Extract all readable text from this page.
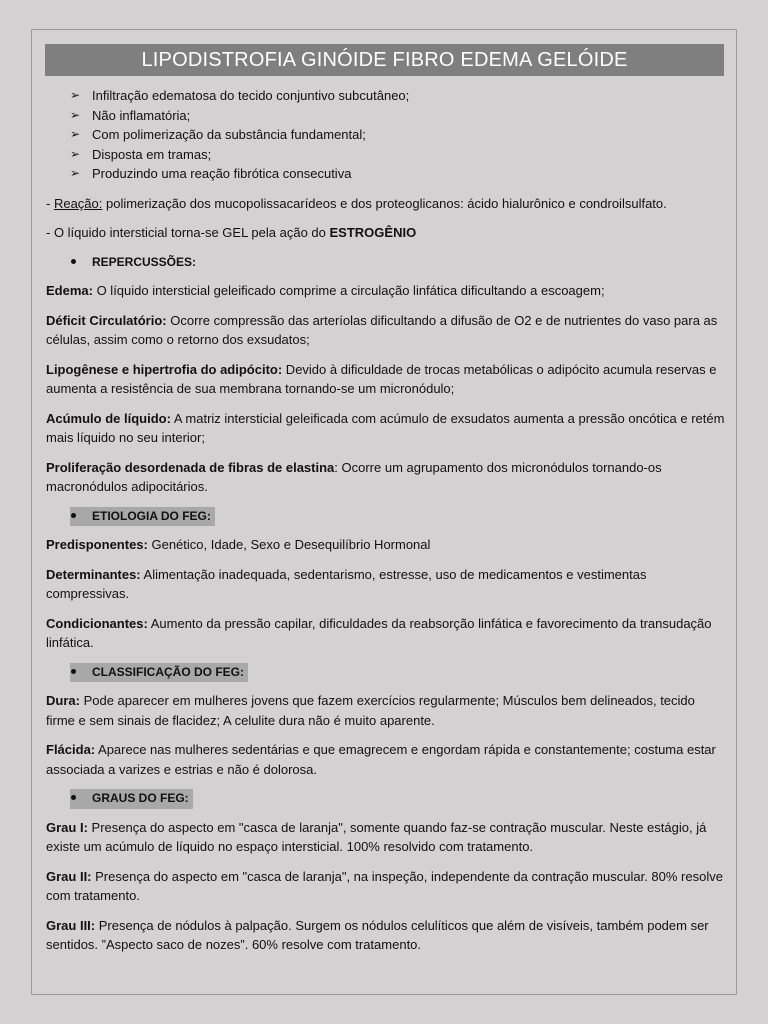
LIPODISTROFIA GINÓIDE FIBRO EDEMA GELÓIDE
➢ Infiltração edematosa do tecido conjuntivo subcutâneo;
➢ Não inflamatória;
➢ Com polimerização da substância fundamental;
➢ Disposta em tramas;
➢ Produzindo uma reação fibrótica consecutiva

- Reação: polimerização dos mucopolissacarídeos e dos proteoglicanos: ácido hialurônico e condroilsulfato.

- O líquido intersticial torna-se GEL pela ação do ESTROGÊNIO

REPERCUSSÕES:

Edema: O líquido intersticial geleificado comprime a circulação linfática dificultando a escoagem;

Déficit Circulatório: Ocorre compressão das arteríolas dificultando a difusão de O2 e de nutrientes do vaso para as células, assim como o retorno dos exsudatos;

Lipogênese e hipertrofia do adipócito: Devido à dificuldade de trocas metabólicas o adipócito acumula reservas e aumenta a resistência de sua membrana tornando-se um micronódulo;

Acúmulo de líquido: A matriz intersticial geleificada com acúmulo de exsudatos aumenta a pressão oncótica e retém mais líquido no seu interior;

Proliferação desordenada de fibras de elastina: Ocorre um agrupamento dos micronódulos tornando-os macronódulos adipocitários.

ETIOLOGIA DO FEG:

Predisponentes: Genético, Idade, Sexo e Desequilíbrio Hormonal

Determinantes: Alimentação inadequada, sedentarismo, estresse, uso de medicamentos e vestimentas compressivas.

Condicionantes: Aumento da pressão capilar, dificuldades da reabsorção linfática e favorecimento da transudação linfática.

CLASSIFICAÇÃO DO FEG:

Dura: Pode aparecer em mulheres jovens que fazem exercícios regularmente; Músculos bem delineados, tecido firme e sem sinais de flacidez; A celulite dura não é muito aparente.

Flácida: Aparece nas mulheres sedentárias e que emagrecem e engordam rápida e constantemente; costuma estar associada a varizes e estrias e não é dolorosa.

GRAUS DO FEG:

Grau I: Presença do aspecto em "casca de laranja", somente quando faz-se contração muscular. Neste estágio, já existe um acúmulo de líquido no espaço intersticial. 100% resolvido com tratamento.

Grau II: Presença do aspecto em "casca de laranja", na inspeção, independente da contração muscular. 80% resolve com tratamento.

Grau III: Presença de nódulos à palpação. Surgem os nódulos celulíticos que além de visíveis, também podem ser sentidos. ”Aspecto saco de nozes”. 60% resolve com tratamento.
